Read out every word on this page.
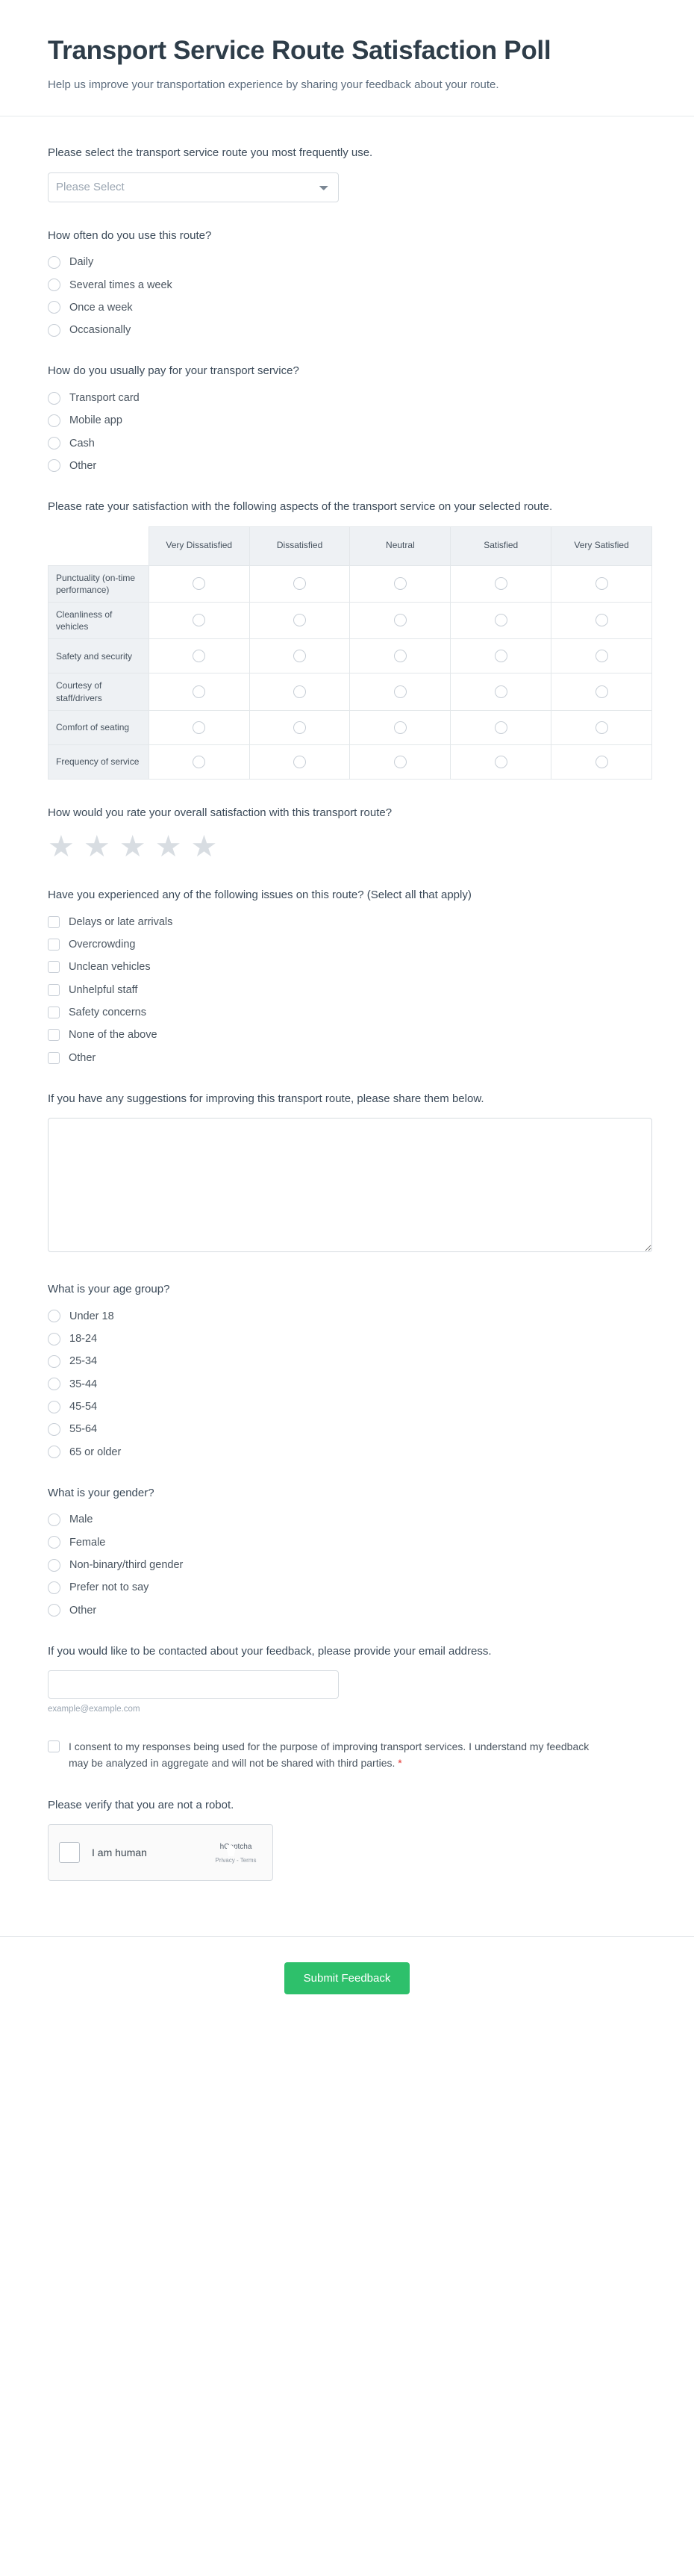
Transport Service Route Satisfaction Poll

Help us improve your transportation experience by sharing your feedback about your route.

Please select the transport service route you most frequently use.
Please Select
How often do you use this route?
Daily
Several times a week
Once a week
Occasionally
How do you usually pay for your transport service?
Transport card
Mobile app
Cash
Other
Please rate your satisfaction with the following aspects of the transport service on your selected route.
	Very Dissatisfied	Dissatisfied	Neutral	Satisfied	Very Satisfied
Punctuality (on-time performance)					
Cleanliness of vehicles					
Safety and security					
Courtesy of staff/drivers					
Comfort of seating					
Frequency of service					
How would you rate your overall satisfaction with this transport route?
★ ★ ★ ★ ★
Have you experienced any of the following issues on this route? (Select all that apply)
Delays or late arrivals
Overcrowding
Unclean vehicles
Unhelpful staff
Safety concerns
None of the above
Other
If you have any suggestions for improving this transport route, please share them below.
What is your age group?
Under 18
18-24
25-34
35-44
45-54
55-64
65 or older
What is your gender?
Male
Female
Non-binary/third gender
Prefer not to say
Other
If you would like to be contacted about your feedback, please provide your email address.
example@example.com
I consent to my responses being used for the purpose of improving transport services. I understand my feedback may be analyzed in aggregate and will not be shared with third parties. *
Please verify that you are not a robot.
I am human	hCaptcha Privacy - Terms
Submit Feedback
